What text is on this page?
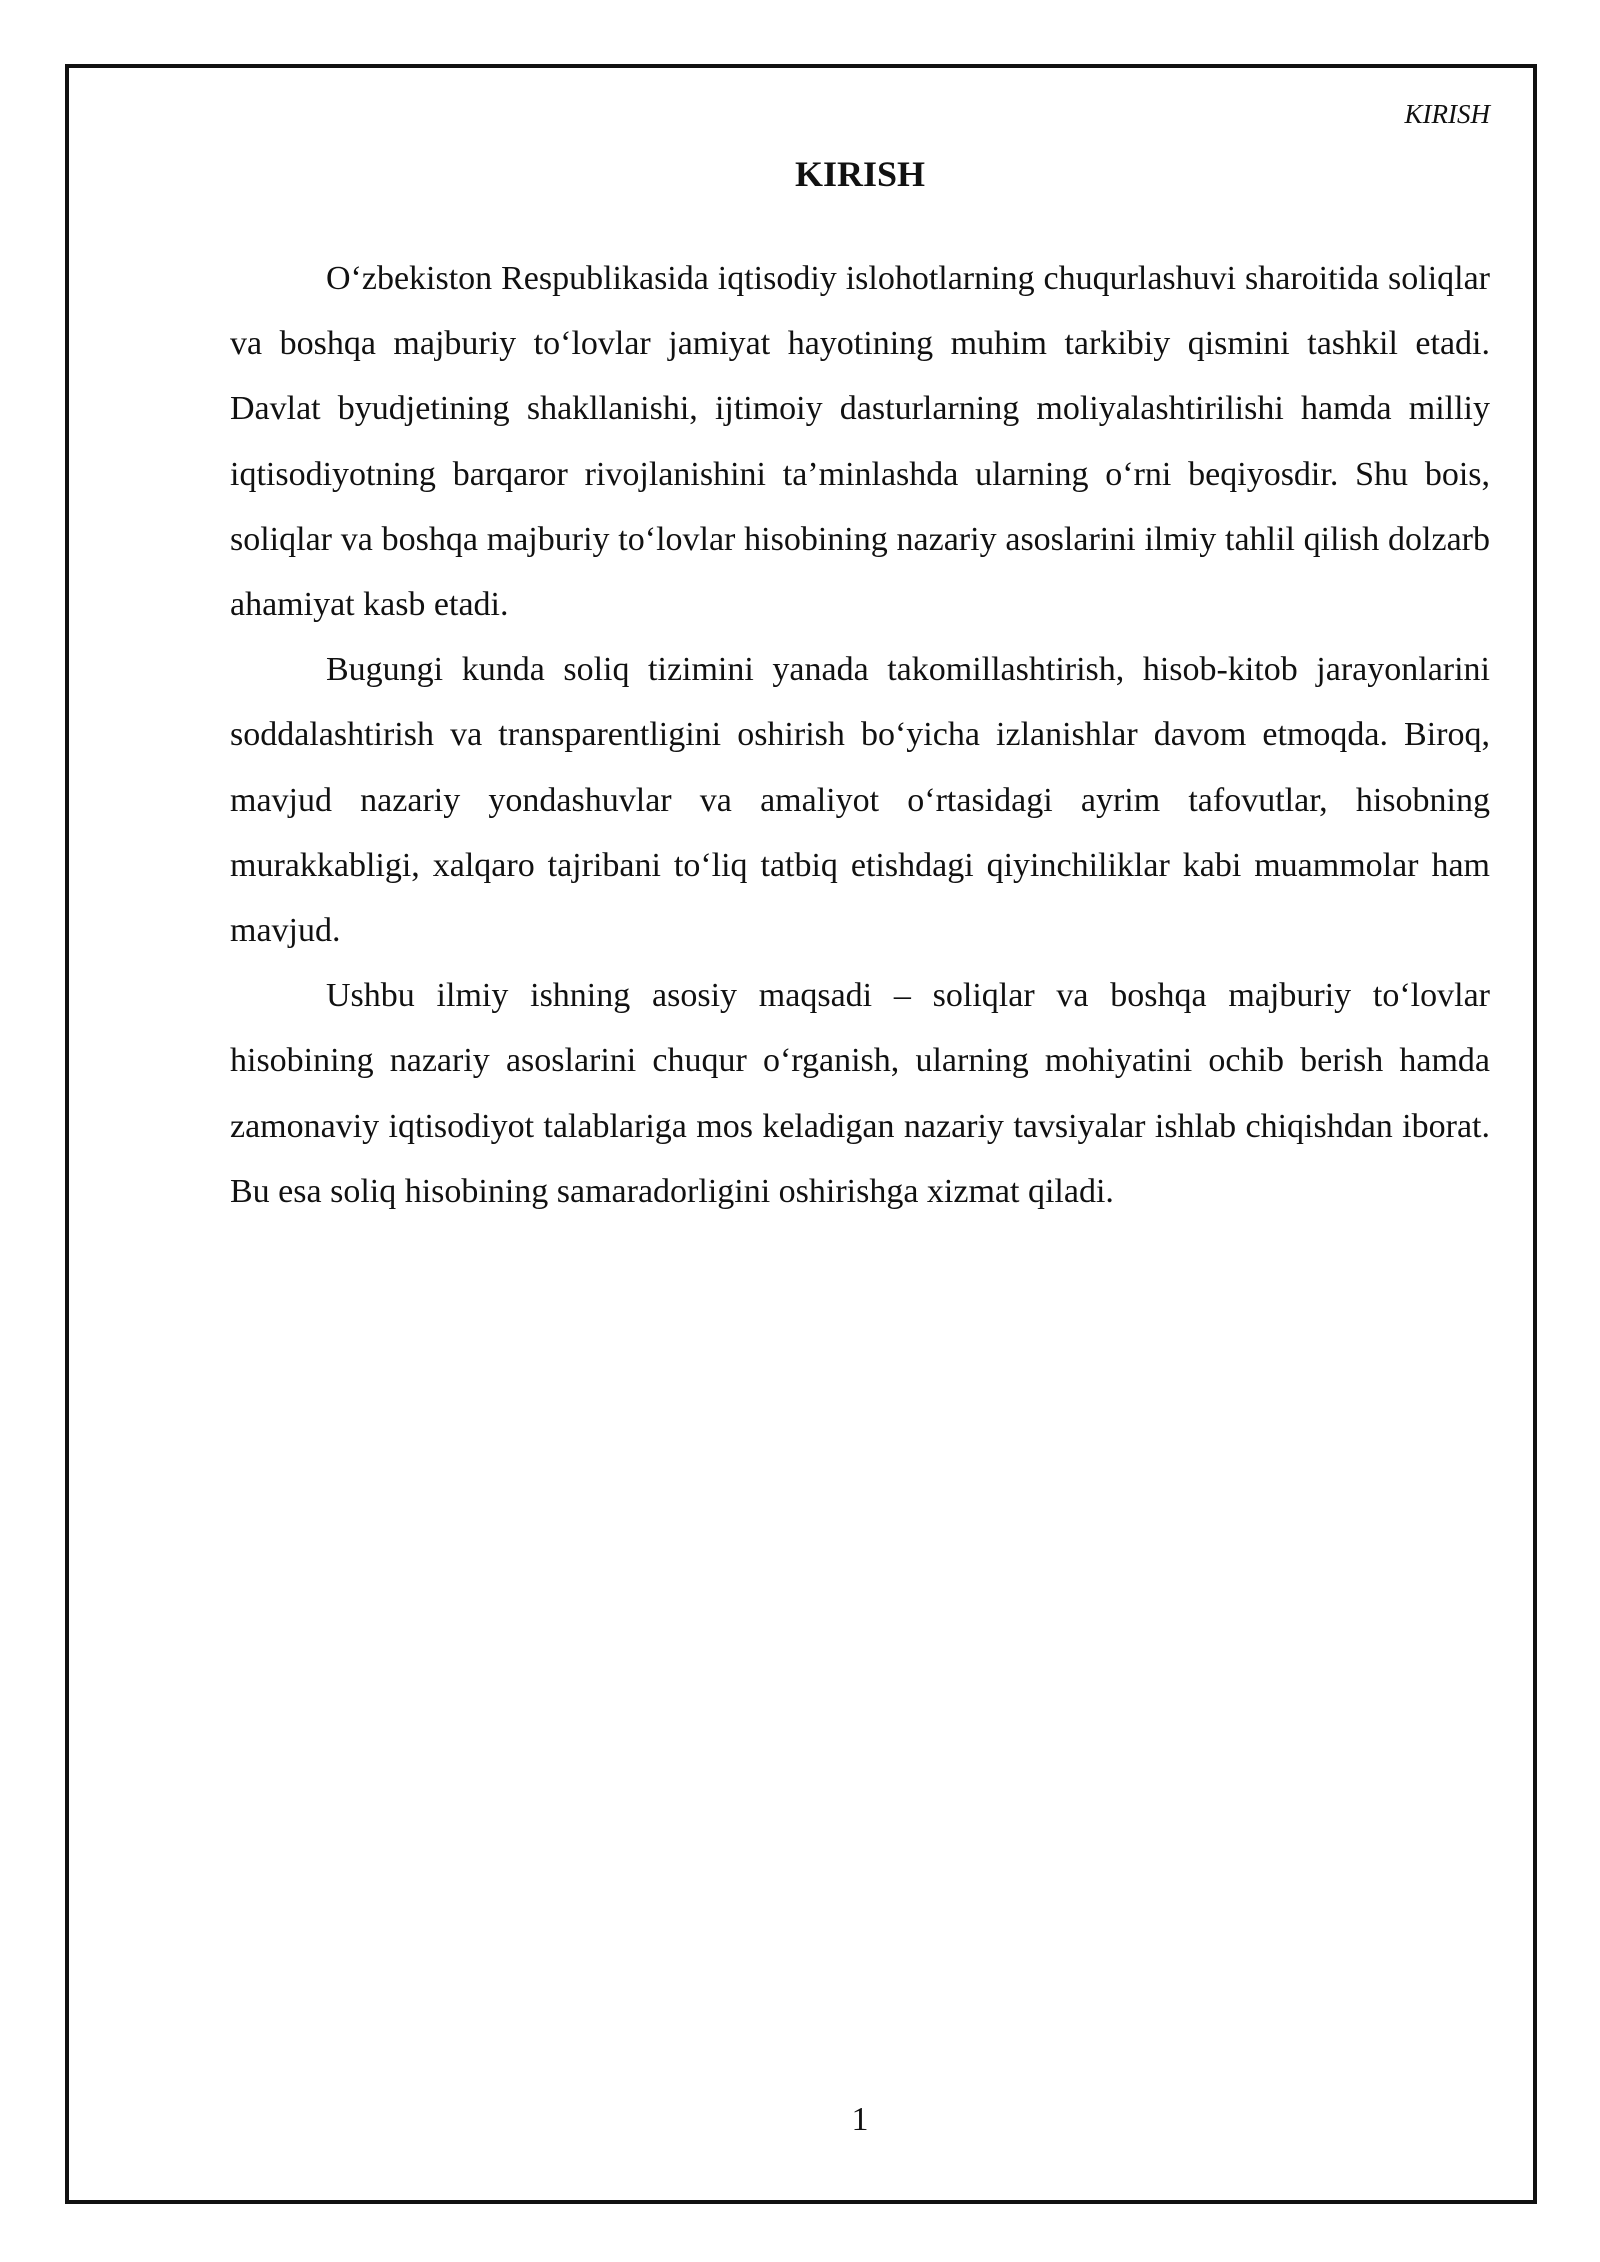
KIRISH
KIRISH

O‘zbekiston Respublikasida iqtisodiy islohotlarning chuqurlashuvi sharoitida soliqlar va boshqa majburiy to‘lovlar jamiyat hayotining muhim tarkibiy qismini tashkil etadi. Davlat byudjetining shakllanishi, ijtimoiy dasturlarning moliyalashtirilishi hamda milliy iqtisodiyotning barqaror rivojlanishini ta’minlashda ularning o‘rni beqiyosdir. Shu bois, soliqlar va boshqa majburiy to‘lovlar hisobining nazariy asoslarini ilmiy tahlil qilish dolzarb ahamiyat kasb etadi.

Bugungi kunda soliq tizimini yanada takomillashtirish, hisob-kitob jarayonlarini soddalashtirish va transparentligini oshirish bo‘yicha izlanishlar davom etmoqda. Biroq, mavjud nazariy yondashuvlar va amaliyot o‘rtasidagi ayrim tafovutlar, hisobning murakkabligi, xalqaro tajribani to‘liq tatbiq etishdagi qiyinchiliklar kabi muammolar ham mavjud.

Ushbu ilmiy ishning asosiy maqsadi – soliqlar va boshqa majburiy to‘lovlar hisobining nazariy asoslarini chuqur o‘rganish, ularning mohiyatini ochib berish hamda zamonaviy iqtisodiyot talablariga mos keladigan nazariy tavsiyalar ishlab chiqishdan iborat. Bu esa soliq hisobining samaradorligini oshirishga xizmat qiladi.

1
